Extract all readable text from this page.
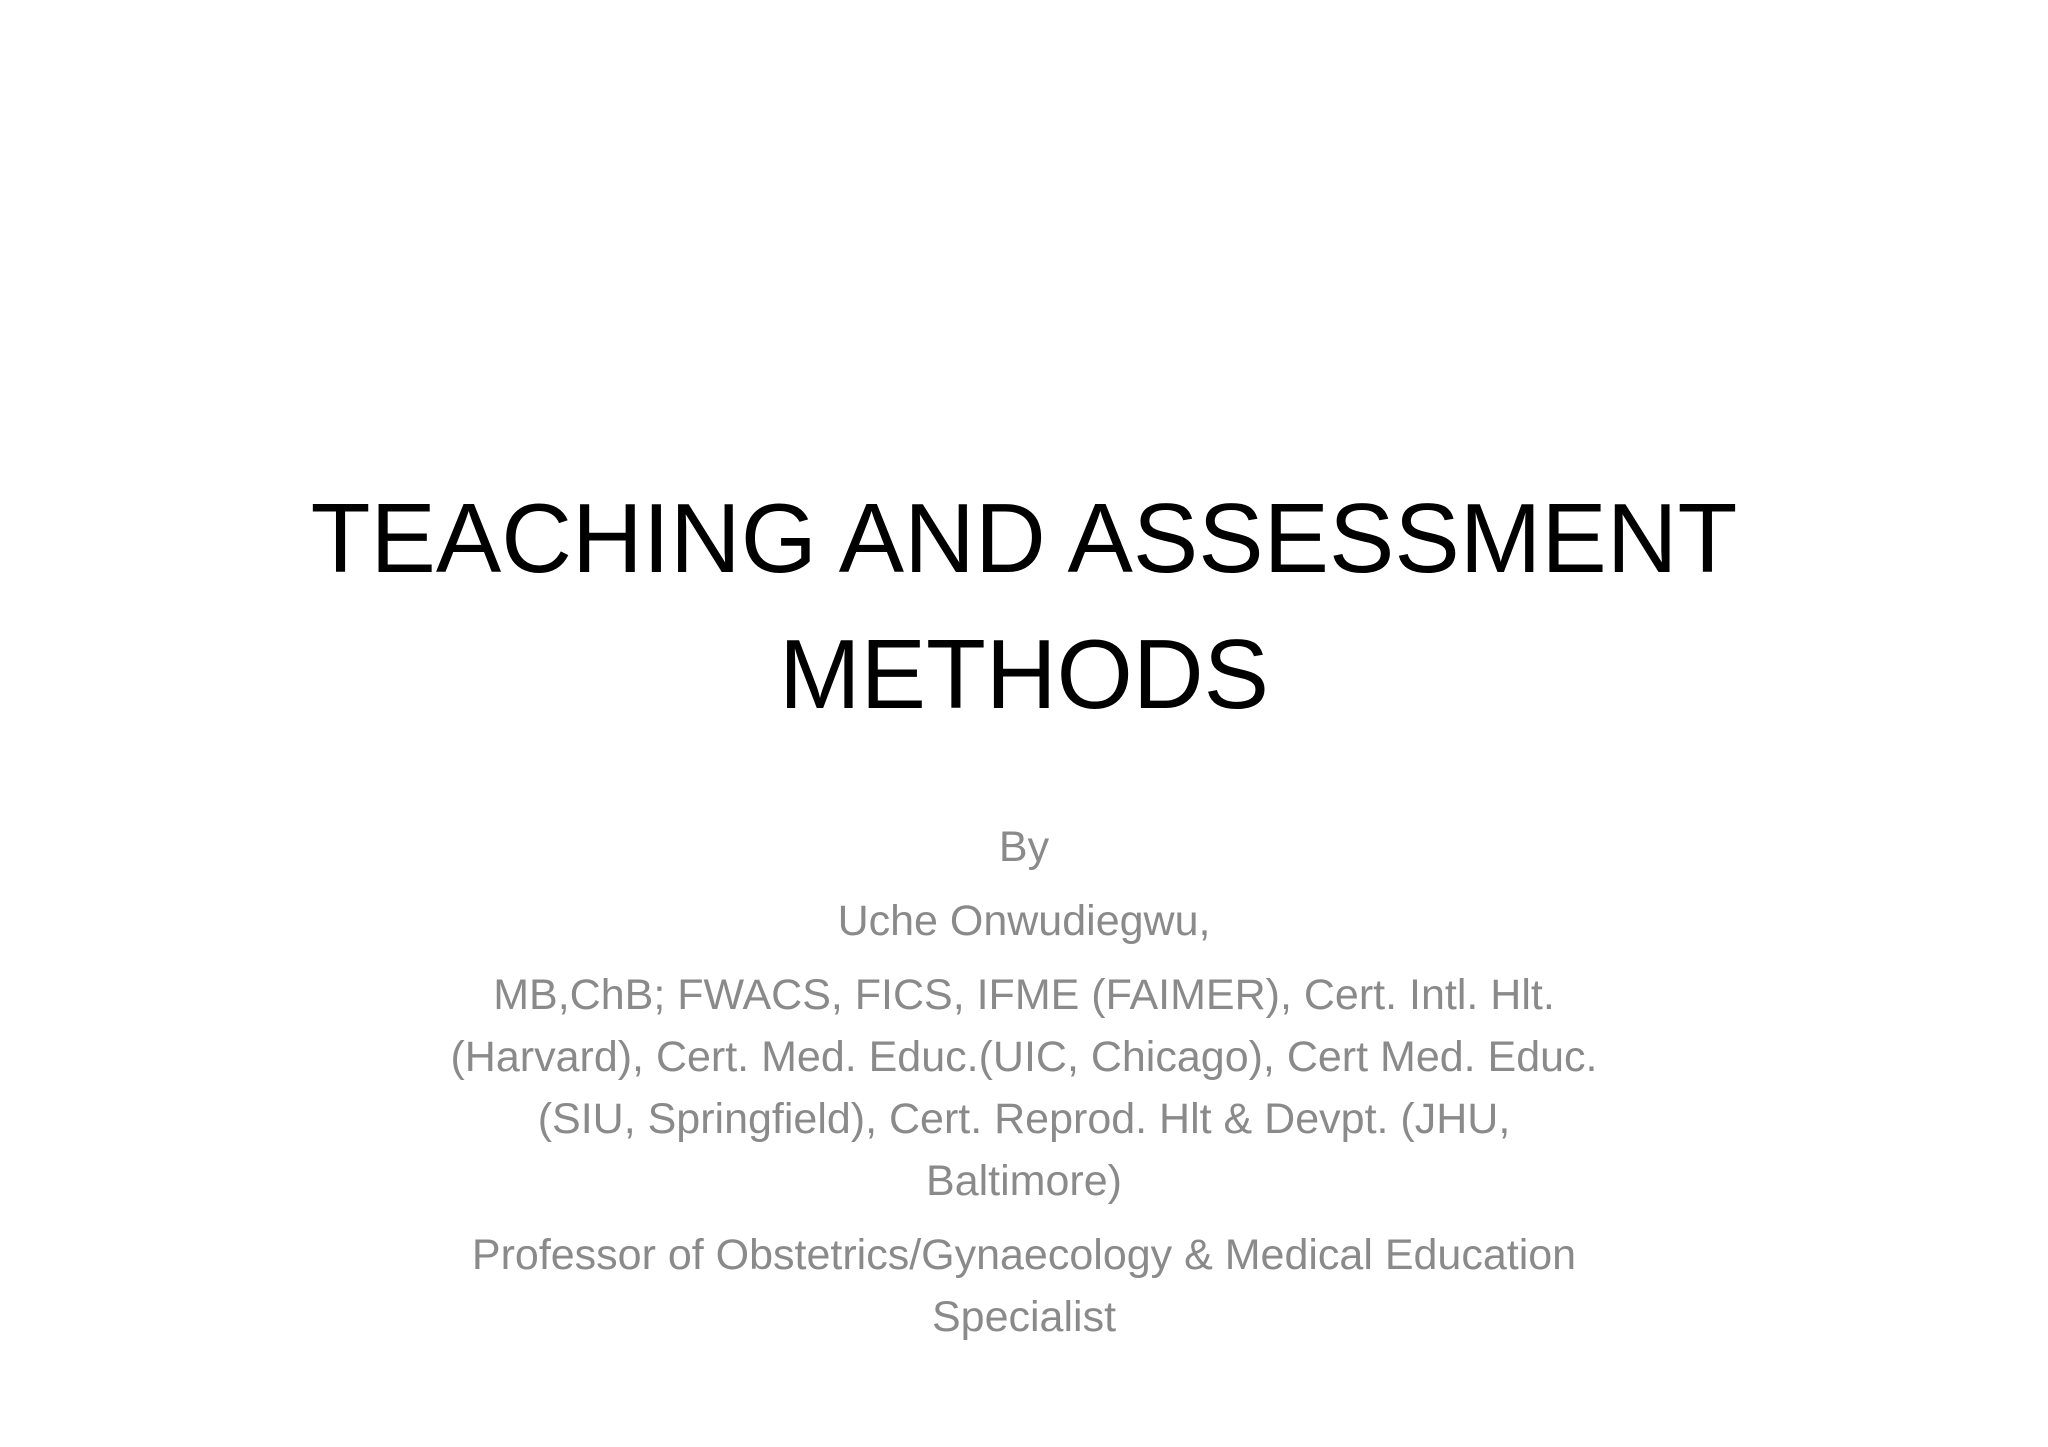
TEACHING AND ASSESSMENT
METHODS

By

Uche Onwudiegwu,

MB,ChB; FWACS, FICS, IFME (FAIMER), Cert. Intl. Hlt.
(Harvard), Cert. Med. Educ.(UIC, Chicago), Cert Med. Educ.
(SIU, Springfield), Cert. Reprod. Hlt & Devpt. (JHU,
Baltimore)

Professor of Obstetrics/Gynaecology & Medical Education
Specialist
